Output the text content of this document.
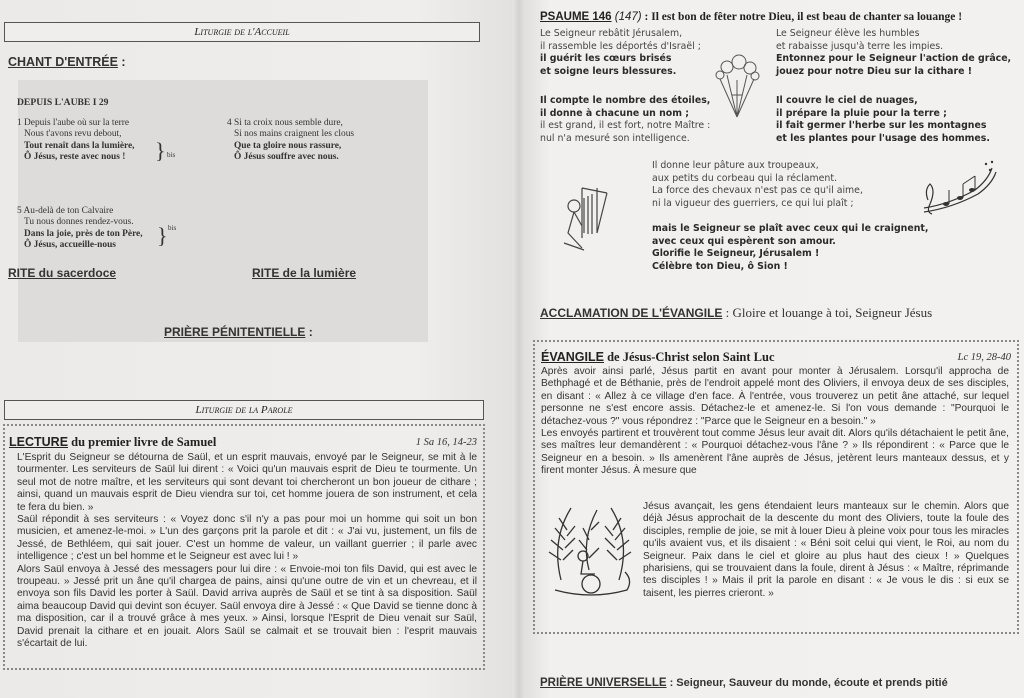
Liturgie de l'Accueil
CHANT D'ENTRÉE :
DEPUIS L'AUBE I 29
1 Depuis l'aube où sur la terre
Nous t'avons revu debout,
Tout renaît dans la lumière,
Ô Jésus, reste avec nous !	} bis
4 Si ta croix nous semble dure,
Si nos mains craignent les clous
Que ta gloire nous rassure,
Ô Jésus souffre avec nous.
5 Au-delà de ton Calvaire
Tu nous donnes rendez-vous.
Dans la joie, près de ton Père,
Ô Jésus, accueille-nous	} bis
RITE du sacerdoce	RITE de la lumière
PRIÈRE PÉNITENTIELLE :
Liturgie de la Parole
LECTURE du premier livre de Samuel	1 Sa 16, 14-23
L'Esprit du Seigneur se détourna de Saül, et un esprit mauvais, envoyé par le Seigneur, se mit à le tourmenter. Les serviteurs de Saül lui dirent : « Voici qu'un mauvais esprit de Dieu te tourmente. Un seul mot de notre maître, et les serviteurs qui sont devant toi chercheront un bon joueur de cithare ; ainsi, quand un mauvais esprit de Dieu viendra sur toi, cet homme jouera de son instrument, et cela te fera du bien. »
Saül répondit à ses serviteurs : « Voyez donc s'il n'y a pas pour moi un homme qui soit un bon musicien, et amenez-le-moi. » L'un des garçons prit la parole et dit : « J'ai vu, justement, un fils de Jessé, de Bethléem, qui sait jouer. C'est un homme de valeur, un vaillant guerrier ; il parle avec intelligence ; c'est un bel homme et le Seigneur est avec lui ! »
Alors Saül envoya à Jessé des messagers pour lui dire : « Envoie-moi ton fils David, qui est avec le troupeau. » Jessé prit un âne qu'il chargea de pains, ainsi qu'une outre de vin et un chevreau, et il envoya son fils David les porter à Saül. David arriva auprès de Saül et se tint à sa disposition. Saül aima beaucoup David qui devint son écuyer. Saül envoya dire à Jessé : « Que David se tienne donc à ma disposition, car il a trouvé grâce à mes yeux. » Ainsi, lorsque l'Esprit de Dieu venait sur Saül, David prenait la cithare et en jouait. Alors Saül se calmait et se trouvait bien : l'esprit mauvais s'écartait de lui.
PSAUME 146 (147) : Il est bon de fêter notre Dieu, il est beau de chanter sa louange !
Le Seigneur rebâtit Jérusalem,
il rassemble les déportés d'Israël ;
il guérit les cœurs brisés
et soigne leurs blessures.
Il compte le nombre des étoiles,
il donne à chacune un nom ;
il est grand, il est fort, notre Maître :
nul n'a mesuré son intelligence.
Le Seigneur élève les humbles
et rabaisse jusqu'à terre les impies.
Entonnez pour le Seigneur l'action de grâce,
jouez pour notre Dieu sur la cithare !
Il couvre le ciel de nuages,
il prépare la pluie pour la terre ;
il fait germer l'herbe sur les montagnes
et les plantes pour l'usage des hommes.
Il donne leur pâture aux troupeaux,
aux petits du corbeau qui la réclament.
La force des chevaux n'est pas ce qu'il aime,
ni la vigueur des guerriers, ce qui lui plaît ;
mais le Seigneur se plaît avec ceux qui le craignent,
avec ceux qui espèrent son amour.
Glorifie le Seigneur, Jérusalem !
Célèbre ton Dieu, ô Sion !
ACCLAMATION DE L'ÉVANGILE : Gloire et louange à toi, Seigneur Jésus
ÉVANGILE de Jésus-Christ selon Saint Luc	Lc 19, 28-40
Après avoir ainsi parlé, Jésus partit en avant pour monter à Jérusalem. Lorsqu'il approcha de Bethphagé et de Béthanie, près de l'endroit appelé mont des Oliviers, il envoya deux de ses disciples, en disant : « Allez à ce village d'en face. À l'entrée, vous trouverez un petit âne attaché, sur lequel personne ne s'est encore assis. Détachez-le et amenez-le. Si l'on vous demande : "Pourquoi le détachez-vous ?" vous répondrez : "Parce que le Seigneur en a besoin." »
Les envoyés partirent et trouvèrent tout comme Jésus leur avait dit. Alors qu'ils détachaient le petit âne, ses maîtres leur demandèrent : « Pourquoi détachez-vous l'âne ? » Ils répondirent : « Parce que le Seigneur en a besoin. » Ils amenèrent l'âne auprès de Jésus, jetèrent leurs manteaux dessus, et y firent monter Jésus. À mesure que
Jésus avançait, les gens étendaient leurs manteaux sur le chemin. Alors que déjà Jésus approchait de la descente du mont des Oliviers, toute la foule des disciples, remplie de joie, se mit à louer Dieu à pleine voix pour tous les miracles qu'ils avaient vus, et ils disaient : « Béni soit celui qui vient, le Roi, au nom du Seigneur. Paix dans le ciel et gloire au plus haut des cieux ! » Quelques pharisiens, qui se trouvaient dans la foule, dirent à Jésus : « Maître, réprimande tes disciples ! » Mais il prit la parole en disant : « Je vous le dis : si eux se taisent, les pierres crieront. »
PRIÈRE UNIVERSELLE : Seigneur, Sauveur du monde, écoute et prends pitié
